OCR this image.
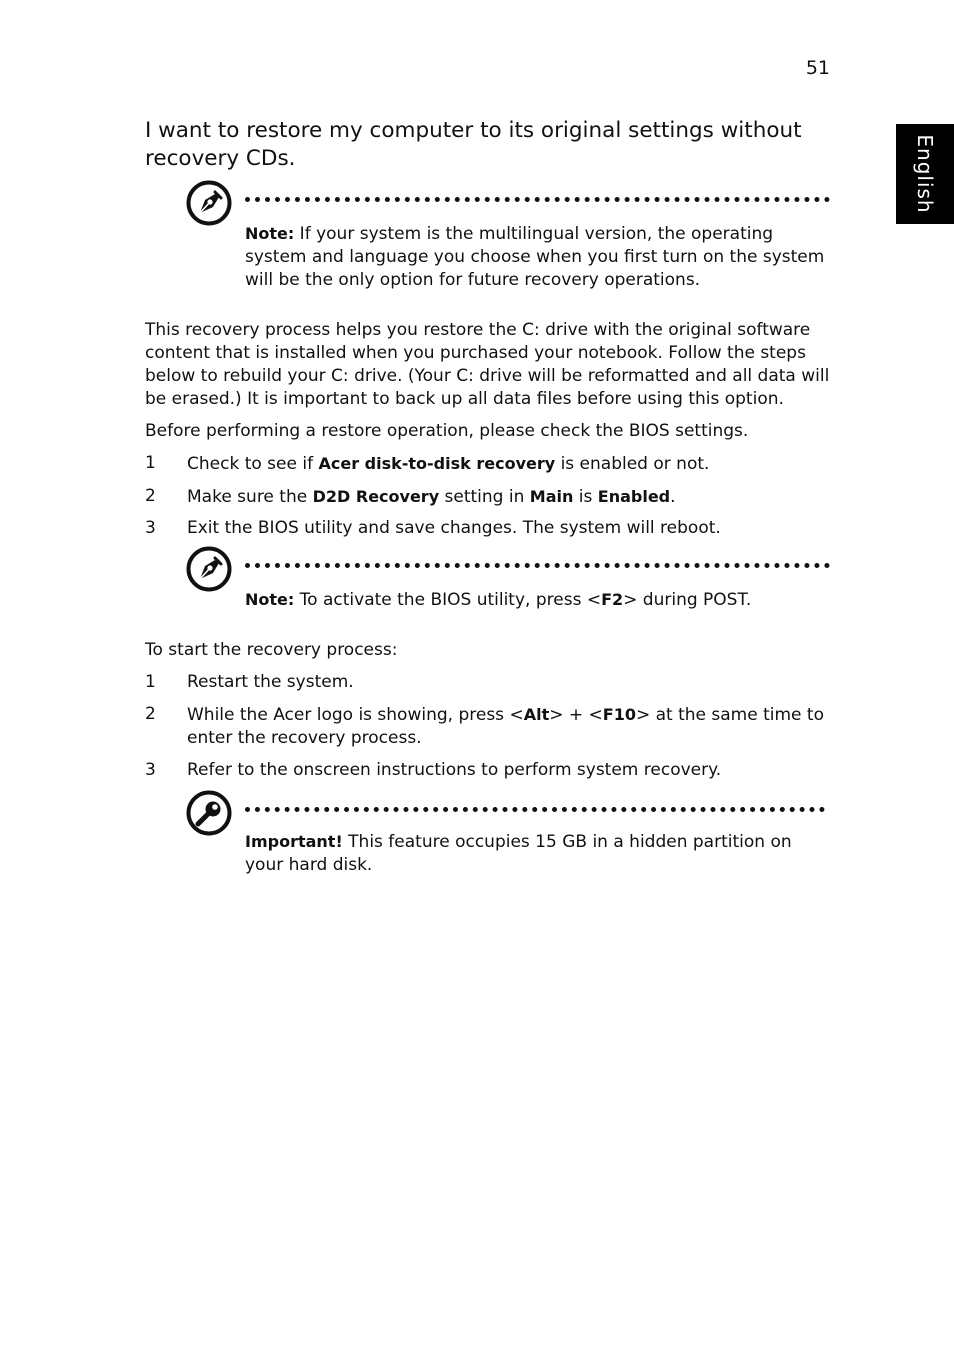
51
English
I want to restore my computer to its original settings without recovery CDs.
Note: If your system is the multilingual version, the operating system and language you choose when you first turn on the system will be the only option for future recovery operations.
This recovery process helps you restore the C: drive with the original software content that is installed when you purchased your notebook. Follow the steps below to rebuild your C: drive. (Your C: drive will be reformatted and all data will be erased.) It is important to back up all data files before using this option.
Before performing a restore operation, please check the BIOS settings.
1	Check to see if Acer disk-to-disk recovery is enabled or not.
2	Make sure the D2D Recovery setting in Main is Enabled.
3	Exit the BIOS utility and save changes. The system will reboot.
Note: To activate the BIOS utility, press <F2> during POST.
To start the recovery process:
1	Restart the system.
2	While the Acer logo is showing, press <Alt> + <F10> at the same time to enter the recovery process.
3	Refer to the onscreen instructions to perform system recovery.
Important! This feature occupies 15 GB in a hidden partition on your hard disk.
